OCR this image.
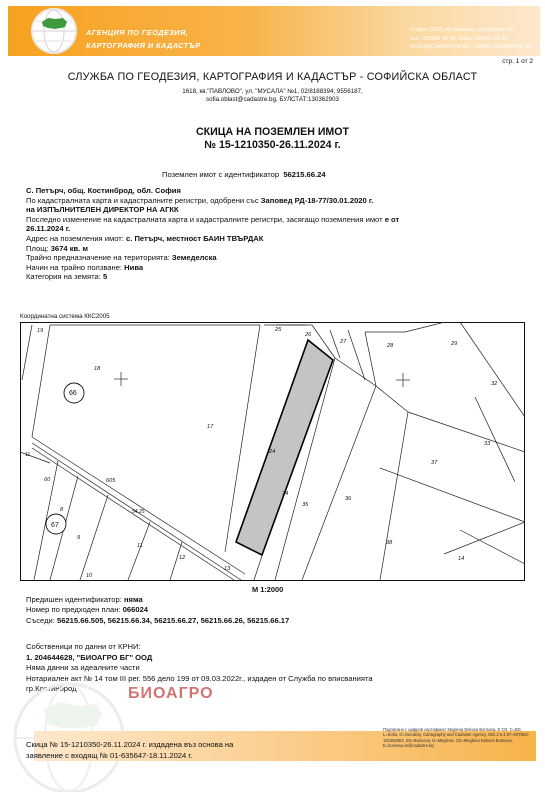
АГЕНЦИЯ ПО ГЕОДЕЗИЯ,
КАРТОГРАФИЯ И КАДАСТЪР
София 1618, кв.Павлово, ул.Мусала №1
тел.: 02/955 45 40, факс: 02/955 53 33
ACAD@CADASTRE.BG , WWW.CADASTRE.BG
стр. 1 от 2
СЛУЖБА ПО ГЕОДЕЗИЯ, КАРТОГРАФИЯ И КАДАСТЪР - СОФИЙСКА ОБЛАСТ
1618, кв."ПАВЛОВО", ул. "МУСАЛА" №1, 02/8188394; 9556187,
sofia.oblast@cadastre.bg, БУЛСТАТ:130362903
СКИЦА НА ПОЗЕМЛЕН ИМОТ
№ 15-1210350-26.11.2024 г.
Поземлен имот с идентификатор 56215.66.24
С. Петърч, общ. Костинброд, обл. София
По кадастралната карта и кадастралните регистри, одобрени със Заповед РД-18-77/30.01.2020 г.
на ИЗПЪЛНИТЕЛЕН ДИРЕКТОР НА АГКК
Последно изменение на кадастралната карта и кадастралните регистри, засягащо поземления имот е от
26.11.2024 г.
Адрес на поземления имот: с. Петърч, местност БАИН ТВЪРДАК
Площ: 3674 кв. м
Трайно предназначение на територията: Земеделска
Начин на трайно ползване: Нива
Категория на земята: 5
Координатна система ККС2005
19
18
66
17
24
34
35
36
37
38
14
13
12
11
10
9
8
60
67
605
54.25
25
26
27
28	29
32
33
11
М 1:2000
Предишен идентификатор: няма
Номер по предходен план: 066024
Съседи: 56215.66.505, 56215.66.34, 56215.66.27, 56215.66.26, 56215.66.17
Собственици по данни от КРНИ:
1. 204644628, "БИОАГРО БГ" ООД
Няма данни за идеалните части
Нотариален акт № 14 том III рег. 556 дело 199 от 09.03.2022г., издаден от Служба по вписванията
гр.Костинброд	БИОАГРО
Скица № 15-1210350-26.11.2024 г. издадена въз основа на
заявление с входящ № 01-635647-18.11.2024 г.
Подписано с цифров сертификат Meglena Dekova Borisova, E CN: C=BG, L=Sofia, O=Geodesy, Cartography and Cadastre Agency, OID.2.5.4.97=NTRBG-130362903, SN=Borisova, G=Meglena, CN=Meglena Dekova Borisova, E=borisova.m@cadastre.bg
